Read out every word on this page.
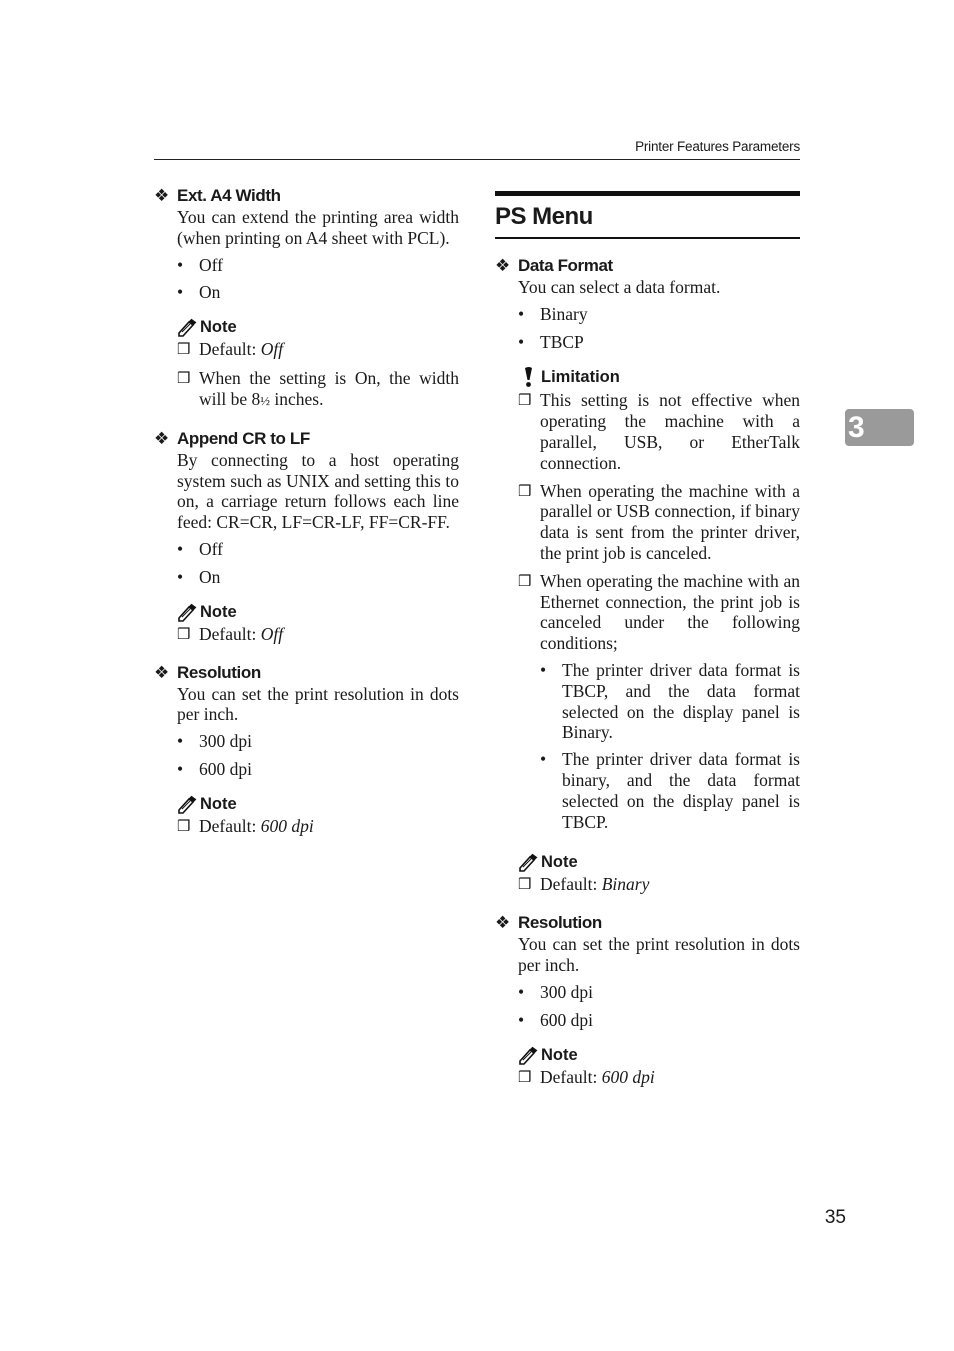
Printer Features Parameters
❖ Ext. A4 Width
You can extend the printing area width (when printing on A4 sheet with PCL).
• Off
• On
Note
❒ Default: Off
❒ When the setting is On, the width will be 8½ inches.
❖ Append CR to LF
By connecting to a host operating system such as UNIX and setting this to on, a carriage return follows each line feed: CR=CR, LF=CR-LF, FF=CR-FF.
• Off
• On
Note
❒ Default: Off
❖ Resolution
You can set the print resolution in dots per inch.
• 300 dpi
• 600 dpi
Note
❒ Default: 600 dpi
PS Menu
❖ Data Format
You can select a data format.
• Binary
• TBCP
Limitation
❒ This setting is not effective when operating the machine with a parallel, USB, or EtherTalk connection.
❒ When operating the machine with a parallel or USB connection, if binary data is sent from the printer driver, the print job is canceled.
❒ When operating the machine with an Ethernet connection, the print job is canceled under the following conditions;
• The printer driver data format is TBCP, and the data format selected on the display panel is Binary.
• The printer driver data format is binary, and the data format selected on the display panel is TBCP.
Note
❒ Default: Binary
❖ Resolution
You can set the print resolution in dots per inch.
• 300 dpi
• 600 dpi
Note
❒ Default: 600 dpi
3
35
